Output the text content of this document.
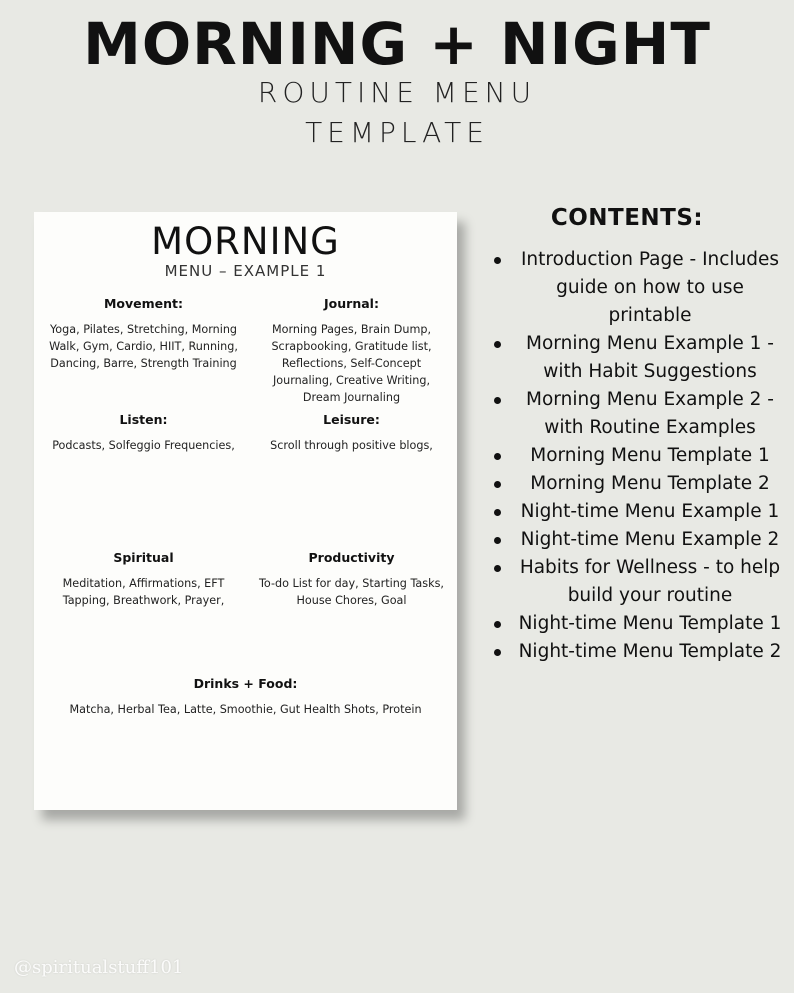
MORNING + NIGHT
ROUTINE MENU
TEMPLATE
MORNING
MENU – EXAMPLE 1
Movement:
Yoga, Pilates, Stretching, Morning Walk, Gym, Cardio, HIIT, Running, Dancing, Barre, Strength Training
Journal:
Morning Pages, Brain Dump, Scrapbooking, Gratitude list, Reflections, Self-Concept Journaling, Creative Writing, Dream Journaling
Listen:
Podcasts, Solfeggio Frequencies,
Leisure:
Scroll through positive blogs,
Spiritual
Meditation, Affirmations, EFT Tapping, Breathwork, Prayer,
Productivity
To-do List for day, Starting Tasks, House Chores, Goal
Drinks + Food:
Matcha, Herbal Tea, Latte, Smoothie, Gut Health Shots, Protein
CONTENTS:
Introduction Page - Includes guide on how to use printable
Morning Menu Example 1 - with Habit Suggestions
Morning Menu Example 2 - with Routine Examples
Morning Menu Template 1
Morning Menu Template 2
Night-time Menu Example 1
Night-time Menu Example 2
Habits for Wellness - to help build your routine
Night-time Menu Template 1
Night-time Menu Template 2
@spiritualstuff101
